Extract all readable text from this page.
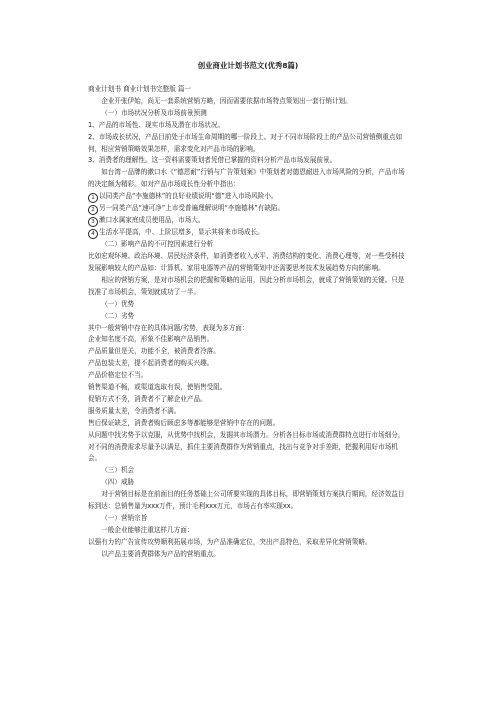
创业商业计划书范文(优秀8篇)

商业计划书 商业计划书完整版 篇一

企业开张伊始，尚无一套系统营销方略，因而需要依据市场特点策划出一套行销计划。

（一）市场状况分析及市场前景预测

1、产品的市场性、现实市场及潜在市场状况。

2、市场成长状况，产品目前处于市场生命周期的哪一阶段上。对于不同市场阶段上的产品公司营销侧重点如何，相应营销策略效果怎样，需求变化对产品市场的影响。

3、消费者的理解性。这一资料需要策划者凭借已掌握的资料分析产品市场发展前景。

如台湾一品牌的漱口水《“德恩耐”行销与广告策划案》中策划者对德恩耐进入市场风险的分析，产品市场的决定颇为精彩。如对产品市场成长性分析中指出：

1 以同类产品“李施德林”的良好业绩说明“德”进入市场风险小。

2 另一同类产品“速可净”上市受普遍理解说明“李施德林”有缺陷。

3 漱口水属家庭成员使用品，市场大。

4 生活水平提高，中、上阶层增多，显示其将来市场成长。

（二）影响产品的不可控因素进行分析

比如宏观环境、政治环境、居民经济条件，如消费者收入水平、消费结构的变化、消费心理等，对一些受科技发展影响较大的产品如：计算机、家用电器等产品的营销策划中还需要思考技术发展趋势方向的影响。

相应的营销方案，是对市场机会的把握和策略的运用，因此分析市场机会，就成了营销策划的关键。只是找准了市场机会，策划就成功了一半。

（一）优势

（二）劣势

其中一般营销中存在的具体问题/劣势，表现为多方面：

企业知名度不高，形象不佳影响产品销售。

产品质量但是关，功能不全，被消费者冷落。

产品包装太差，提不起消费者的购买兴趣。

产品价格定位不当。

销售渠道不畅，或渠道选取有误，使销售受阻。

促销方式不务，消费者不了解企业产品。

服务质量太差，令消费者不满。

售后保证缺乏，消费者购后顾虑多等都能够是营销中存在的问题。

从问题中找劣势予以克服，从优势中找机会，发掘其市场潜力。分析各目标市场或消费群特点进行市场细分，对不同的消费需求尽量予以满足，抓住主要消费群作为营销重点，找出与竞争对手差距，把握利用好市场机会。

（三）机会

（四）威胁

对于营销目标是在前面目的任务基础上公司所要实现的具体目标，即营销策划方案执行期间，经济效益目标到达：总销售量为xxx万件，预计毛利xxx万元，市场占有率实现xx。

（一）营销宗旨

一般企业能够注重这样几方面：

以强有力的广告宣传攻势顺利拓展市场，为产品准确定位，突出产品特色，采取差异化营销策略。

以产品主要消费群体为产品的营销重点。
